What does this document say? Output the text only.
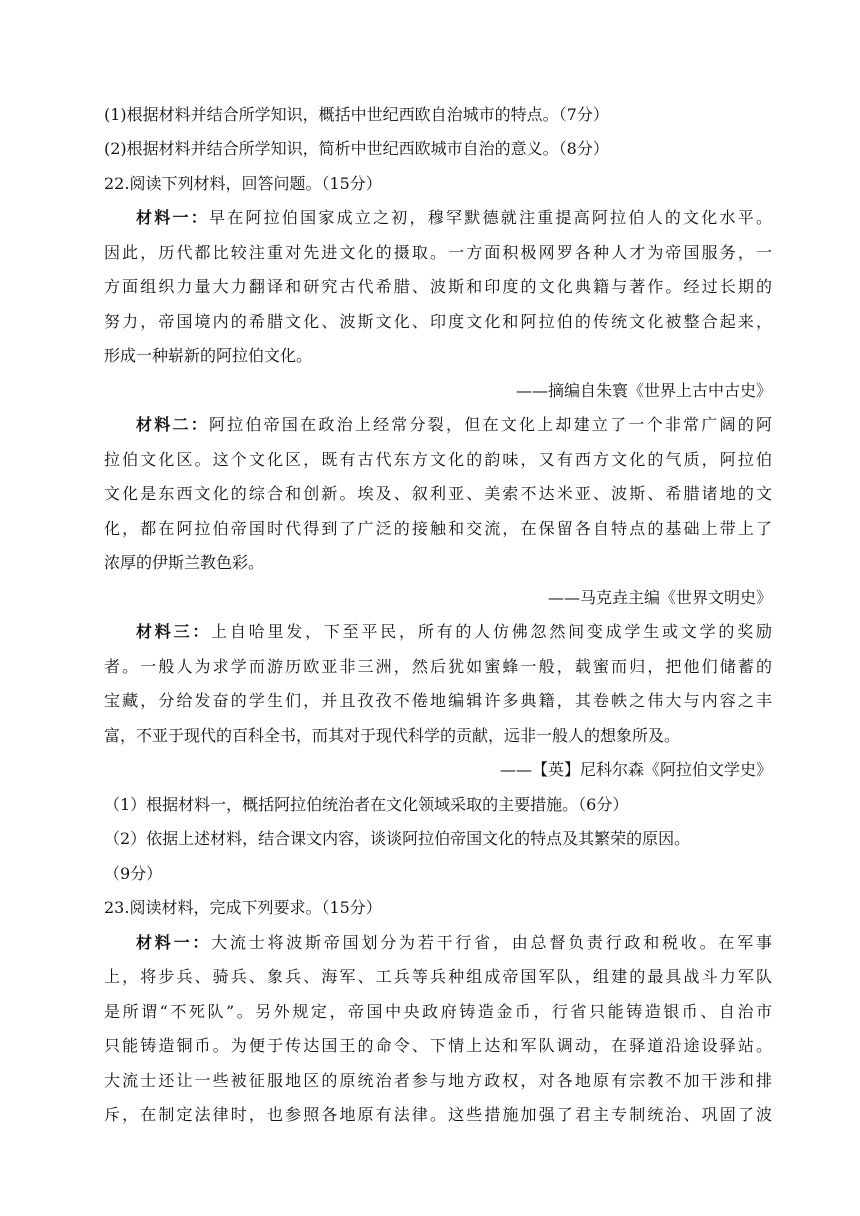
(1)根据材料并结合所学知识，概括中世纪西欧自治城市的特点。（7分）
(2)根据材料并结合所学知识，简析中世纪西欧城市自治的意义。（8分）
22.阅读下列材料，回答问题。（15分）
材料一：早在阿拉伯国家成立之初，穆罕默德就注重提高阿拉伯人的文化水平。
因此，历代都比较注重对先进文化的摄取。一方面积极网罗各种人才为帝国服务，一
方面组织力量大力翻译和研究古代希腊、波斯和印度的文化典籍与著作。经过长期的
努力，帝国境内的希腊文化、波斯文化、印度文化和阿拉伯的传统文化被整合起来，
形成一种崭新的阿拉伯文化。
——摘编自朱寰《世界上古中古史》
材料二：阿拉伯帝国在政治上经常分裂，但在文化上却建立了一个非常广阔的阿
拉伯文化区。这个文化区，既有古代东方文化的韵味，又有西方文化的气质，阿拉伯
文化是东西文化的综合和创新。埃及、叙利亚、美索不达米亚、波斯、希腊诸地的文
化，都在阿拉伯帝国时代得到了广泛的接触和交流，在保留各自特点的基础上带上了
浓厚的伊斯兰教色彩。
——马克垚主编《世界文明史》
材料三：上自哈里发，下至平民，所有的人仿佛忽然间变成学生或文学的奖励
者。一般人为求学而游历欧亚非三洲，然后犹如蜜蜂一般，载蜜而归，把他们储蓄的
宝藏，分给发奋的学生们，并且孜孜不倦地编辑许多典籍，其卷帙之伟大与内容之丰
富，不亚于现代的百科全书，而其对于现代科学的贡献，远非一般人的想象所及。
——【英】尼科尔森《阿拉伯文学史》
（1）根据材料一，概括阿拉伯统治者在文化领域采取的主要措施。（6分）
（2）依据上述材料，结合课文内容，谈谈阿拉伯帝国文化的特点及其繁荣的原因。
（9分）
23.阅读材料，完成下列要求。（15分）
材料一：大流士将波斯帝国划分为若干行省，由总督负责行政和税收。在军事
上，将步兵、骑兵、象兵、海军、工兵等兵种组成帝国军队，组建的最具战斗力军队
是所谓“不死队”。另外规定，帝国中央政府铸造金币，行省只能铸造银币、自治市
只能铸造铜币。为便于传达国王的命令、下情上达和军队调动，在驿道沿途设驿站。
大流士还让一些被征服地区的原统治者参与地方政权，对各地原有宗教不加干涉和排
斥，在制定法律时，也参照各地原有法律。这些措施加强了君主专制统治、巩固了波
